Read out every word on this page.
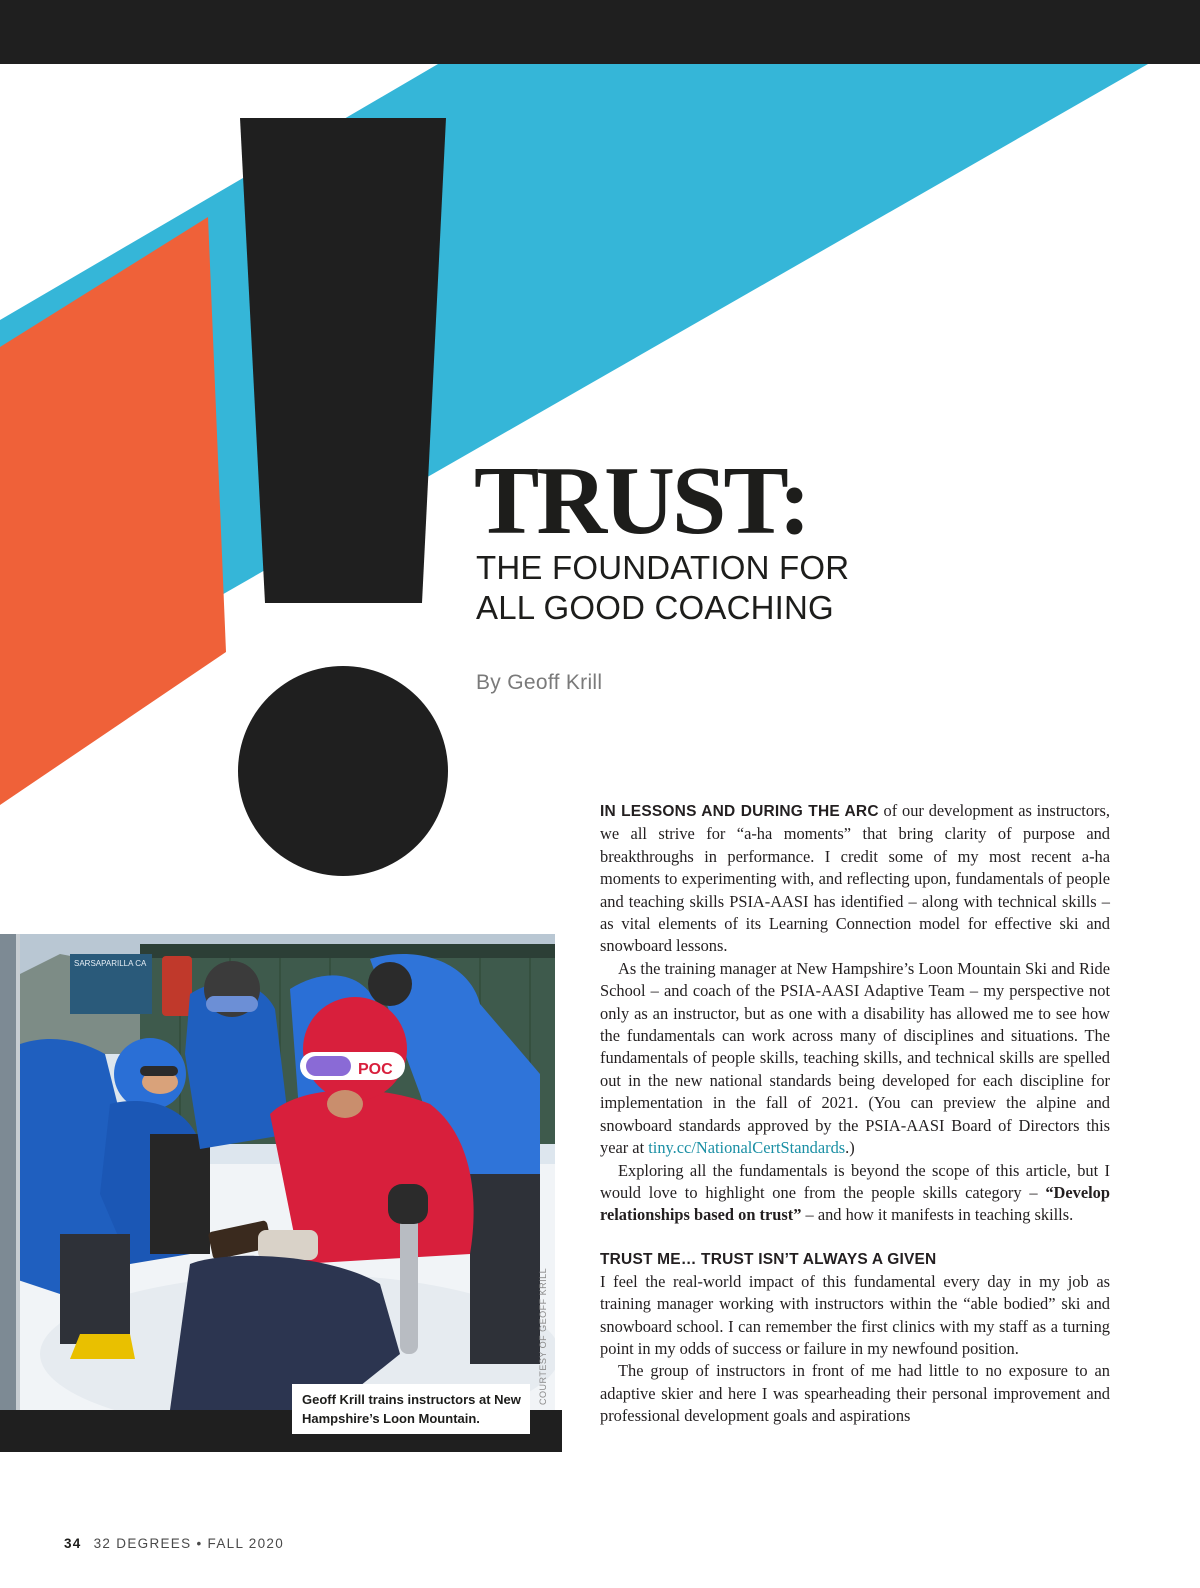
TRUST:
THE FOUNDATION FOR
ALL GOOD COACHING
By Geoff Krill

IN LESSONS AND DURING THE ARC of our development as instructors, we all strive for “a-ha moments” that bring clarity of purpose and breakthroughs in performance. I credit some of my most recent a-ha moments to experimenting with, and reflecting upon, fundamentals of people and teaching skills PSIA-AASI has identified – along with technical skills – as vital elements of its Learning Connection model for effective ski and snowboard lessons.

As the training manager at New Hampshire’s Loon Mountain Ski and Ride School – and coach of the PSIA-AASI Adaptive Team – my perspective not only as an instructor, but as one with a disability has allowed me to see how the fundamentals can work across many of disciplines and situations. The fundamentals of people skills, teaching skills, and technical skills are spelled out in the new national standards being developed for each discipline for implementation in the fall of 2021. (You can preview the alpine and snowboard standards approved by the PSIA-AASI Board of Directors this year at tiny.cc/NationalCertStandards.)

Exploring all the fundamentals is beyond the scope of this article, but I would love to highlight one from the people skills category – “Develop relationships based on trust” – and how it manifests in teaching skills.

TRUST ME… TRUST ISN’T ALWAYS A GIVEN

I feel the real-world impact of this fundamental every day in my job as training manager working with instructors within the “able bodied” ski and snowboard school. I can remember the first clinics with my staff as a turning point in my odds of success or failure in my newfound position.

The group of instructors in front of me had little to no exposure to an adaptive skier and here I was spearheading their personal improvement and professional development goals and aspirations

SARSAPARILLA CA
POC
Geoff Krill trains instructors at New Hampshire’s Loon Mountain.
COURTESY OF GEOFF KRILL
34 32 DEGREES • FALL 2020
